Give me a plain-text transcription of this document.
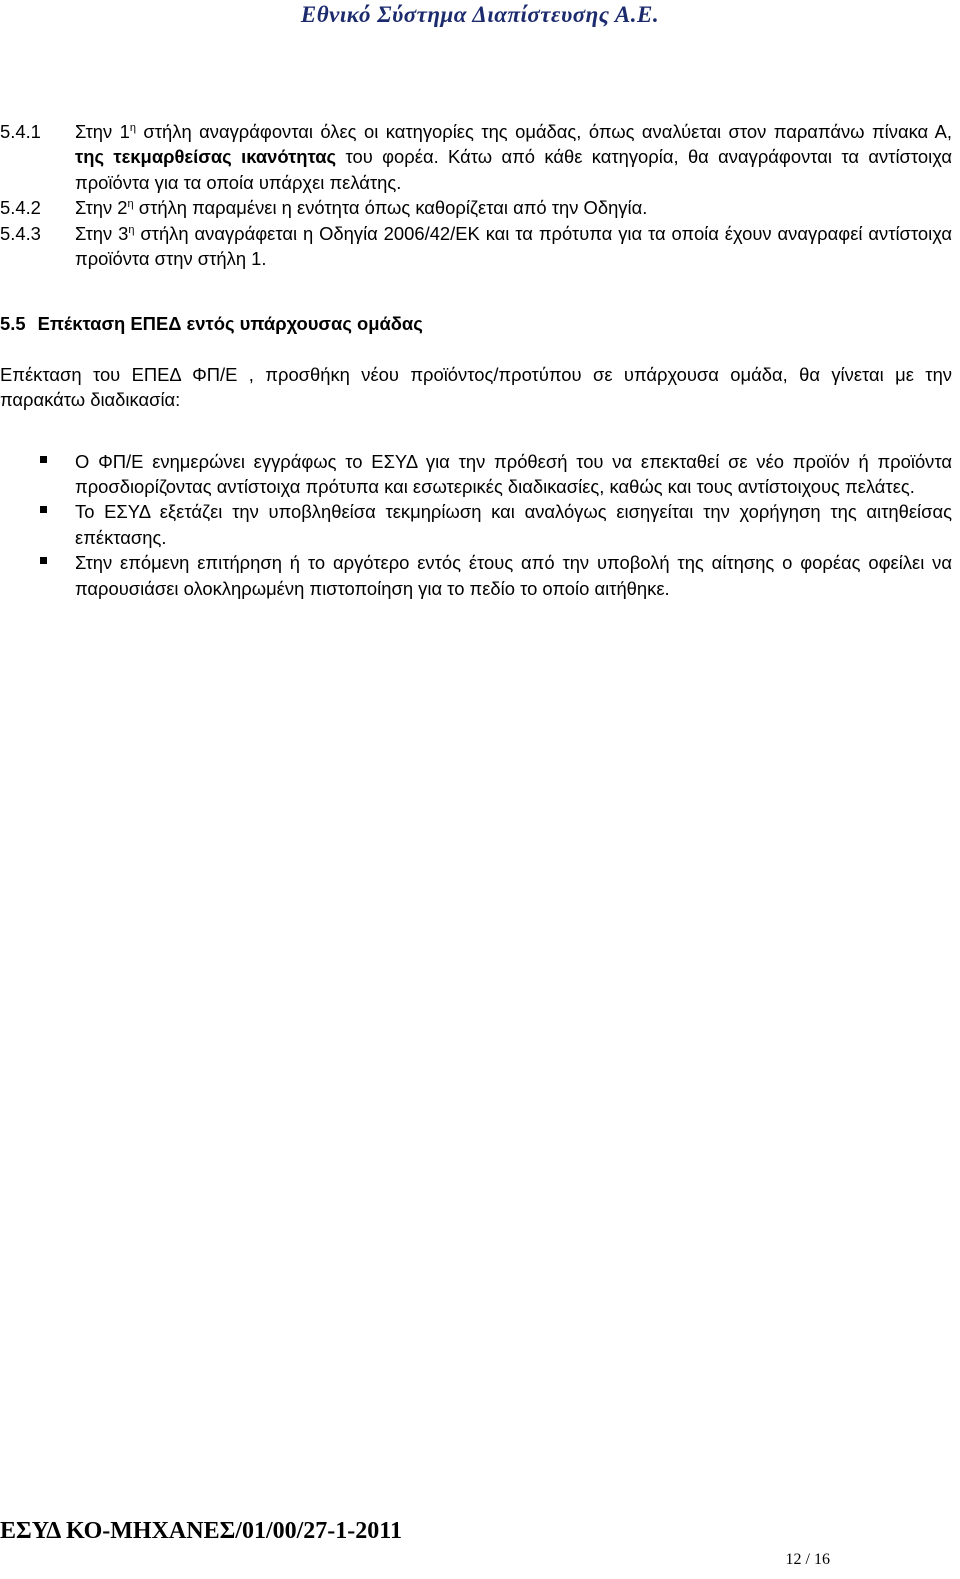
Εθνικό Σύστημα Διαπίστευσης Α.Ε.
5.4.1	Στην $1^\eta$ στήλη αναγράφονται όλες οι κατηγορίες της ομάδας, όπως αναλύεται στον παραπάνω πίνακα Α, της τεκμαρθείσας ικανότητας του φορέα. Κάτω από κάθε κατηγορία, θα αναγράφονται τα αντίστοιχα προϊόντα για τα οποία υπάρχει πελάτης.
5.4.2	Στην $2^\eta$ στήλη παραμένει η ενότητα όπως καθορίζεται από την Οδηγία.
5.4.3	Στην $3^\eta$ στήλη αναγράφεται η Οδηγία 2006/42/ΕΚ και τα πρότυπα για τα οποία έχουν αναγραφεί αντίστοιχα προϊόντα στην στήλη 1.
5.5 Επέκταση ΕΠΕΔ εντός υπάρχουσας ομάδας
Επέκταση του ΕΠΕΔ ΦΠ/Ε , προσθήκη νέου προϊόντος/προτύπου σε υπάρχουσα ομάδα, θα γίνεται με την παρακάτω διαδικασία:
Ο ΦΠ/Ε ενημερώνει εγγράφως το ΕΣΥΔ για την πρόθεσή του να επεκταθεί σε νέο προϊόν ή προϊόντα προσδιορίζοντας αντίστοιχα πρότυπα και εσωτερικές διαδικασίες, καθώς και τους αντίστοιχους πελάτες.
Το ΕΣΥΔ εξετάζει την υποβληθείσα τεκμηρίωση και αναλόγως εισηγείται την χορήγηση της αιτηθείσας επέκτασης.
Στην επόμενη επιτήρηση ή το αργότερο εντός έτους από την υποβολή της αίτησης ο φορέας οφείλει να παρουσιάσει ολοκληρωμένη πιστοποίηση για το πεδίο το οποίο αιτήθηκε.
ΕΣΥΔ ΚΟ-ΜΗΧΑΝΕΣ/01/00/27-1-2011
12 / 16
